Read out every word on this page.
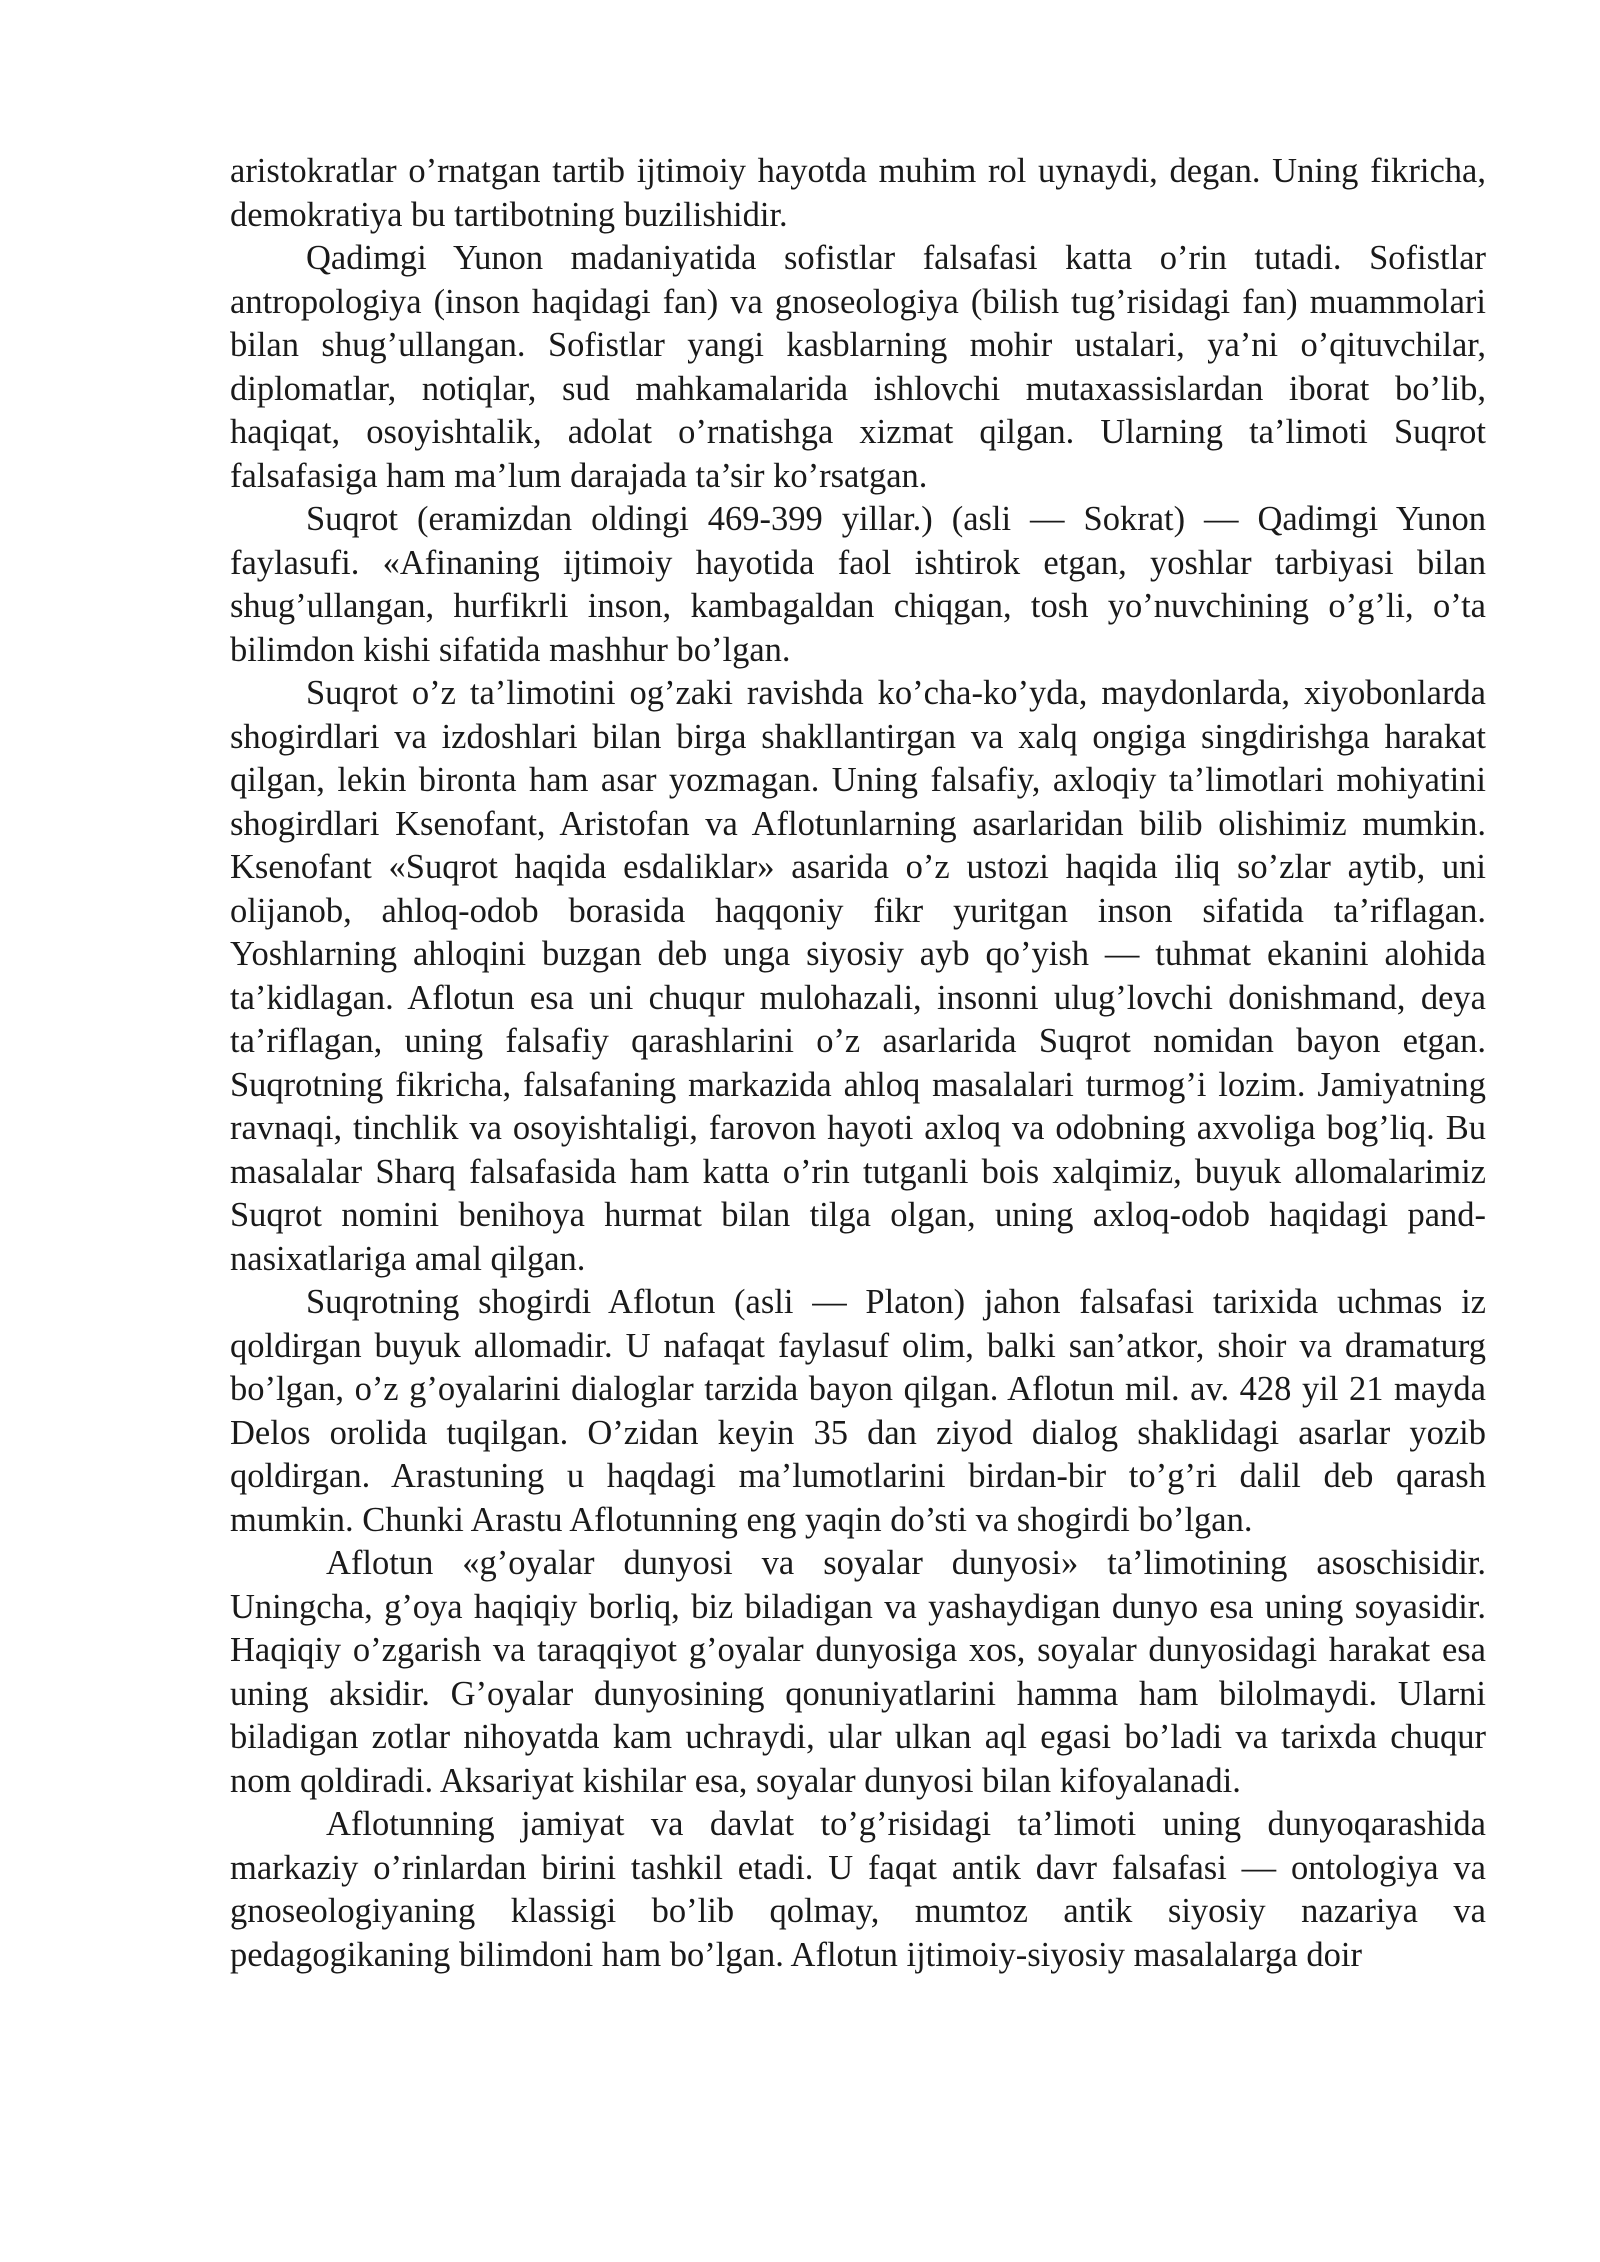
aristokratlar o’rnatgan tartib ijtimoiy hayotda muhim rol uynaydi, degan. Uning fikricha, demokratiya bu tartibotning buzilishidir.

Qadimgi Yunon madaniyatida sofistlar falsafasi katta o’rin tutadi. Sofistlar antropologiya (inson haqidagi fan) va gnoseologiya (bilish tug’risidagi fan) muammolari bilan shug’ullangan. Sofistlar yangi kasblarning mohir ustalari, ya’ni o’qituvchilar, diplomatlar, notiqlar, sud mahkamalarida ishlovchi mutaxassislardan iborat bo’lib, haqiqat, osoyishtalik, adolat o’rnatishga xizmat qilgan. Ularning ta’limoti Suqrot falsafasiga ham ma’lum darajada ta’sir ko’rsatgan.

Suqrot (eramizdan oldingi 469-399 yillar.) (asli — Sokrat) — Qadimgi Yunon faylasufi. «Afinaning ijtimoiy hayotida faol ishtirok etgan, yoshlar tarbiyasi bilan shug’ullangan, hurfikrli inson, kambagaldan chiqgan, tosh yo’nuvchining o’g’li, o’ta bilimdon kishi sifatida mashhur bo’lgan.

Suqrot o’z ta’limotini og’zaki ravishda ko’cha-ko’yda, maydonlarda, xiyobonlarda shogirdlari va izdoshlari bilan birga shakllantirgan va xalq ongiga singdirishga harakat qilgan, lekin bironta ham asar yozmagan. Uning falsafiy, axloqiy ta’limotlari mohiyatini shogirdlari Ksenofant, Aristofan va Aflotunlarning asarlaridan bilib olishimiz mumkin. Ksenofant «Suqrot haqida esdaliklar» asarida o’z ustozi haqida iliq so’zlar aytib, uni olijanob, ahloq-odob borasida haqqoniy fikr yuritgan inson sifatida ta’riflagan. Yoshlarning ahloqini buzgan deb unga siyosiy ayb qo’yish — tuhmat ekanini alohida ta’kidlagan. Aflotun esa uni chuqur mulohazali, insonni ulug’lovchi donishmand, deya ta’riflagan, uning falsafiy qarashlarini o’z asarlarida Suqrot nomidan bayon etgan. Suqrotning fikricha, falsafaning markazida ahloq masalalari turmog’i lozim. Jamiyatning ravnaqi, tinchlik va osoyishtaligi, farovon hayoti axloq va odobning axvoliga bog’liq. Bu masalalar Sharq falsafasida ham katta o’rin tutganli bois xalqimiz, buyuk allomalarimiz Suqrot nomini benihoya hurmat bilan tilga olgan, uning axloq-odob haqidagi pand-nasixatlariga amal qilgan.

Suqrotning shogirdi Aflotun (asli — Platon) jahon falsafasi tarixida uchmas iz qoldirgan buyuk allomadir. U nafaqat faylasuf olim, balki san’atkor, shoir va dramaturg bo’lgan, o’z g’oyalarini dialoglar tarzida bayon qilgan. Aflotun mil. av. 428 yil 21 mayda Delos orolida tuqilgan. O’zidan keyin 35 dan ziyod dialog shaklidagi asarlar yozib qoldirgan. Arastuning u haqdagi ma’lumotlarini birdan-bir to’g’ri dalil deb qarash mumkin. Chunki Arastu Aflotunning eng yaqin do’sti va shogirdi bo’lgan.

Aflotun «g’oyalar dunyosi va soyalar dunyosi» ta’limotining asoschisidir. Uningcha, g’oya haqiqiy borliq, biz biladigan va yashaydigan dunyo esa uning soyasidir. Haqiqiy o’zgarish va taraqqiyot g’oyalar dunyosiga xos, soyalar dunyosidagi harakat esa uning aksidir. G’oyalar dunyosining qonuniyatlarini hamma ham bilolmaydi. Ularni biladigan zotlar nihoyatda kam uchraydi, ular ulkan aql egasi bo’ladi va tarixda chuqur nom qoldiradi. Aksariyat kishilar esa, soyalar dunyosi bilan kifoyalanadi.

Aflotunning jamiyat va davlat to’g’risidagi ta’limoti uning dunyoqarashida markaziy o’rinlardan birini tashkil etadi. U faqat antik davr falsafasi — ontologiya va gnoseologiyaning klassigi bo’lib qolmay, mumtoz antik siyosiy nazariya va pedagogikaning bilimdoni ham bo’lgan. Aflotun ijtimoiy-siyosiy masalalarga doir
